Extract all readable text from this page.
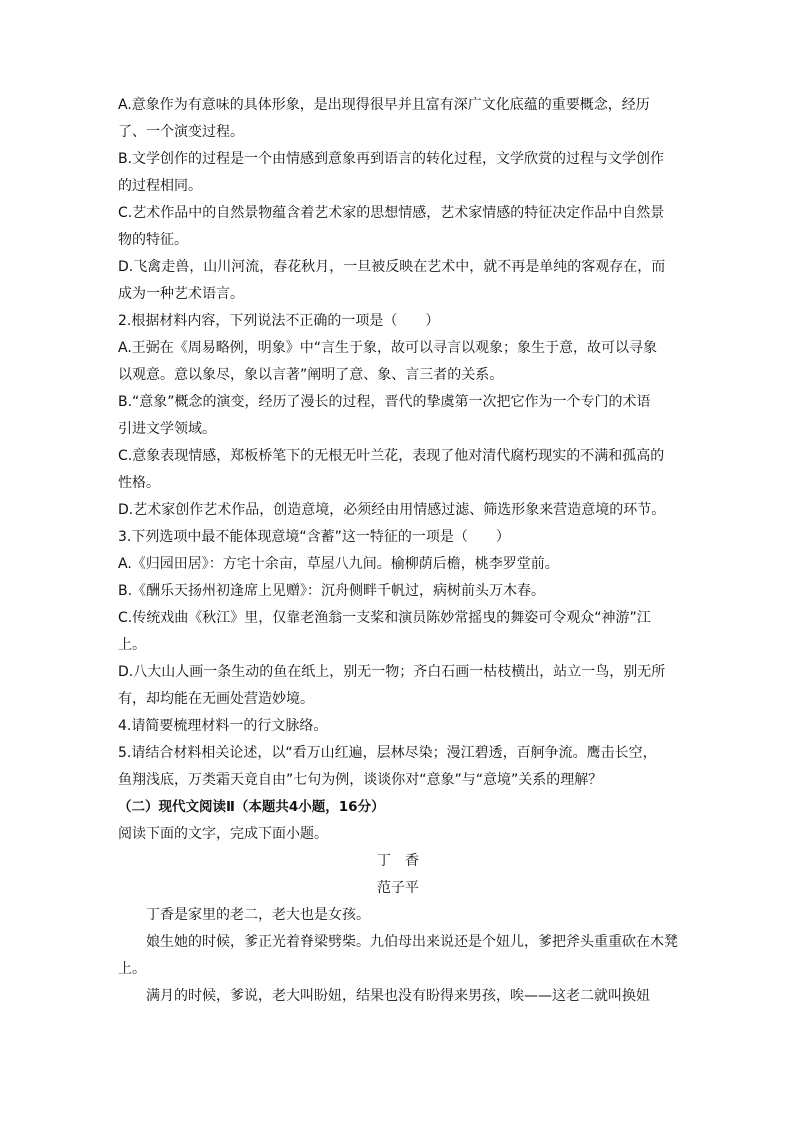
A.意象作为有意味的具体形象，是出现得很早并且富有深广文化底蕴的重要概念，经历
了、一个演变过程。

B.文学创作的过程是一个由情感到意象再到语言的转化过程，文学欣赏的过程与文学创作
的过程相同。

C.艺术作品中的自然景物蕴含着艺术家的思想情感，艺术家情感的特征决定作品中自然景
物的特征。

D.飞禽走兽，山川河流，春花秋月，一旦被反映在艺术中，就不再是单纯的客观存在，而
成为一种艺术语言。

2.根据材料内容，下列说法不正确的一项是（　　）

A.王弼在《周易略例，明象》中“言生于象，故可以寻言以观象；象生于意，故可以寻象
以观意。意以象尽，象以言著”阐明了意、象、言三者的关系。

B.“意象”概念的演变，经历了漫长的过程，晋代的挚虞第一次把它作为一个专门的术语
引进文学领域。

C.意象表现情感，郑板桥笔下的无根无叶兰花，表现了他对清代腐朽现实的不满和孤高的
性格。

D.艺术家创作艺术作品，创造意境，必须经由用情感过滤、筛选形象来营造意境的环节。

3.下列选项中最不能体现意境“含蓄”这一特征的一项是（　　）

A.《归园田居》：方宅十余亩，草屋八九间。榆柳荫后檐，桃李罗堂前。

B.《酬乐天扬州初逢席上见赠》：沉舟侧畔千帆过，病树前头万木春。

C.传统戏曲《秋江》里，仅靠老渔翁一支桨和演员陈妙常摇曳的舞姿可令观众“神游”江
上。

D.八大山人画一条生动的鱼在纸上，别无一物；齐白石画一枯枝横出，站立一鸟，别无所
有，却均能在无画处营造妙境。

4.请简要梳理材料一的行文脉络。

5.请结合材料相关论述，以“看万山红遍，层林尽染；漫江碧透，百舸争流。鹰击长空，
鱼翔浅底，万类霜天竟自由”七句为例，谈谈你对“意象”与“意境”关系的理解？

（二）现代文阅读Ⅱ（本题共4小题，16分）

阅读下面的文字，完成下面小题。

丁　香

范子平

丁香是家里的老二，老大也是女孩。

娘生她的时候，爹正光着脊梁劈柴。九伯母出来说还是个妞儿，爹把斧头重重砍在木凳上。

满月的时候，爹说，老大叫盼妞，结果也没有盼得来男孩，唉——这老二就叫换妞
